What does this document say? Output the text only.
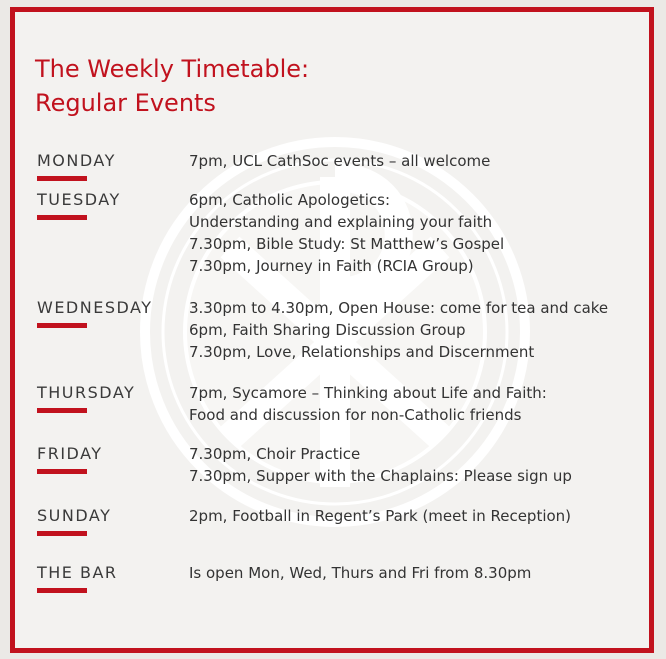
The Weekly Timetable:
Regular Events
MONDAY	7pm, UCL CathSoc events – all welcome
TUESDAY	6pm, Catholic Apologetics:
Understanding and explaining your faith
7.30pm, Bible Study: St Matthew’s Gospel
7.30pm, Journey in Faith (RCIA Group)
WEDNESDAY 3.30pm to 4.30pm, Open House: come for tea and cake
6pm, Faith Sharing Discussion Group
7.30pm, Love, Relationships and Discernment
THURSDAY	7pm, Sycamore – Thinking about Life and Faith:
Food and discussion for non-Catholic friends
FRIDAY	7.30pm, Choir Practice
7.30pm, Supper with the Chaplains: Please sign up
SUNDAY	2pm, Football in Regent’s Park (meet in Reception)
THE BAR	Is open Mon, Wed, Thurs and Fri from 8.30pm
